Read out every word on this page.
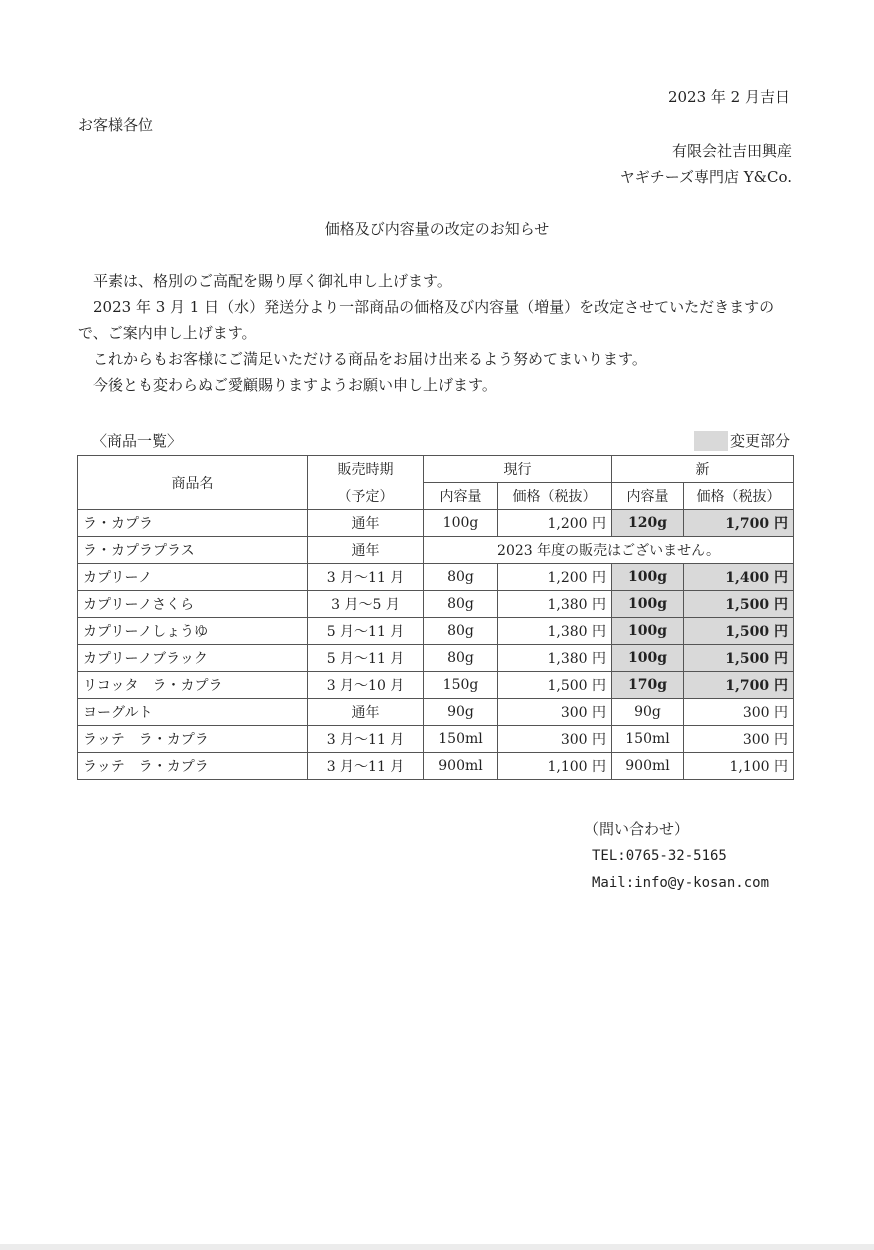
2023 年 2 月吉日
お客様各位
有限会社吉田興産
ヤギチーズ専門店 Y&Co.
価格及び内容量の改定のお知らせ
　平素は、格別のご高配を賜り厚く御礼申し上げます。
　2023 年 3 月 1 日（水）発送分より一部商品の価格及び内容量（増量）を改定させていただきますので、ご案内申し上げます。
　これからもお客様にご満足いただける商品をお届け出来るよう努めてまいります。
　今後とも変わらぬご愛顧賜りますようお願い申し上げます。
〈商品一覧〉	変更部分
商品名	販売時期	現行		新	
	（予定）	内容量	価格（税抜）	内容量	価格（税抜）
ラ・カプラ	通年	100g	1,200 円	120g	1,700 円
ラ・カプラプラス	通年	2023 年度の販売はございません。			
カプリーノ	3 月〜11 月	80g	1,200 円	100g	1,400 円
カプリーノさくら	3 月〜5 月	80g	1,380 円	100g	1,500 円
カプリーノしょうゆ	5 月〜11 月	80g	1,380 円	100g	1,500 円
カプリーノブラック	5 月〜11 月	80g	1,380 円	100g	1,500 円
リコッタ　ラ・カプラ	3 月〜10 月	150g	1,500 円	170g	1,700 円
ヨーグルト	通年	90g	300 円	90g	300 円
ラッテ　ラ・カプラ	3 月〜11 月	150ml	300 円	150ml	300 円
ラッテ　ラ・カプラ	3 月〜11 月	900ml	1,100 円	900ml	1,100 円
（問い合わせ）
TEL:0765-32-5165
Mail:info@y-kosan.com
